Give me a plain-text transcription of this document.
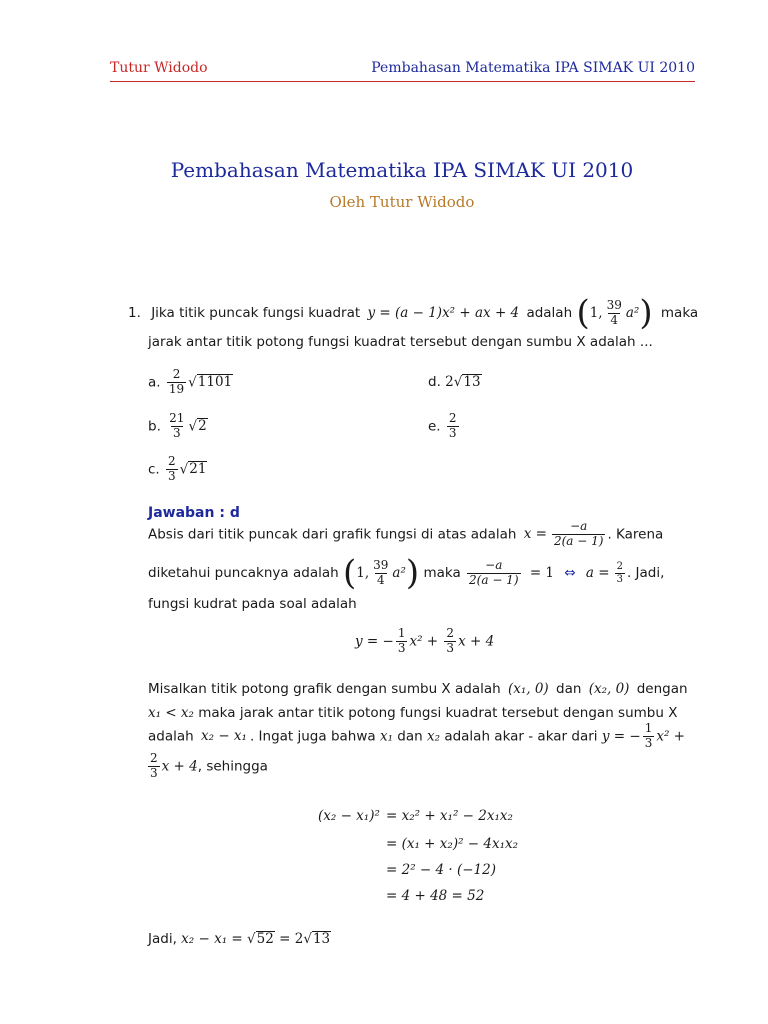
Tutur Widodo	Pembahasan Matematika IPA SIMAK UI 2010
Pembahasan Matematika IPA SIMAK UI 2010
Oleh Tutur Widodo
1. Jika titik puncak fungsi kuadrat y = (a − 1)x² + ax + 4 adalah (1, $\frac{39}{4} a^2$) maka
jarak antar titik potong fungsi kuadrat tersebut dengan sumbu X adalah ...
a. $\frac{2}{19} √1101$	d. 2√13
b. $\frac{21}{3} √2$	e. $\frac{2}{3}$
c. $\frac{2}{3} √21$
Jawaban : d
Absis dari titik puncak dari grafik fungsi di atas adalah $x = \frac{-a}{2(a - 1)}$ . Karena
diketahui puncaknya adalah (1, $\frac{39}{4} a^2$) maka $\frac{-a}{2(a - 1)} = 1$ ⇔ $a = \frac{2}{3}$ . Jadi,
fungsi kudrat pada soal adalah
y = − $\frac{1}{3} x^2 + \frac{2}{3}$ x + 4
Misalkan titik potong grafik dengan sumbu X adalah (x₁, 0) dan (x₂, 0) dengan
x₁ < x₂ maka jarak antar titik potong fungsi kuadrat tersebut dengan sumbu X
adalah x₂ − x₁ . Ingat juga bahwa x₁ dan x₂ adalah akar - akar dari y = − $\frac{1}{3} x^2$ +
$\frac{2}{3}$ x + 4, sehingga
(x₂ − x₁)² = x₂² + x₁² − 2x₁x₂
= (x₁ + x₂)² − 4x₁x₂
= 2² − 4 · (−12)
= 4 + 48 = 52
Jadi, x₂ − x₁ = √52 = 2√13
